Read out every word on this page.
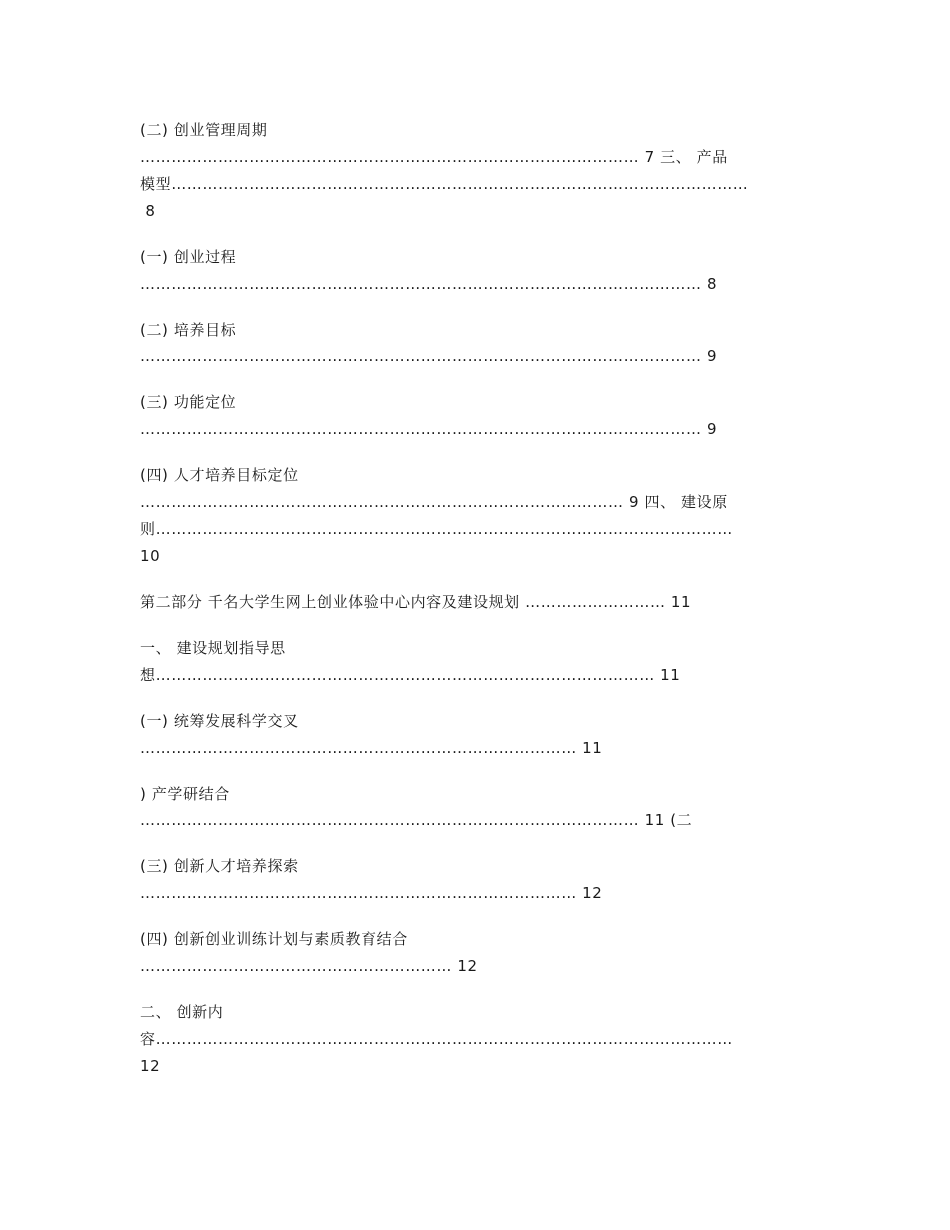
(二) 创业管理周期

…………………………………………………………………………………… 7 三、 产品

模型…………………………………………………………………………………………………

8

(一) 创业过程

……………………………………………………………………………………………… 8

(二) 培养目标

……………………………………………………………………………………………… 9

(三) 功能定位

……………………………………………………………………………………………… 9

(四) 人才培养目标定位

………………………………………………………………………………… 9 四、 建设原

则…………………………………………………………………………………………………

10

第二部分 千名大学生网上创业体验中心内容及建设规划 ……………………… 11

一、 建设规划指导思

想…………………………………………………………………………………… 11

(一) 统筹发展科学交叉

………………………………………………………………………… 11

) 产学研结合

…………………………………………………………………………………… 11 (二

(三) 创新人才培养探索

………………………………………………………………………… 12

(四) 创新创业训练计划与素质教育结合

…………………………………………………… 12

二、 创新内

容…………………………………………………………………………………………………

12
